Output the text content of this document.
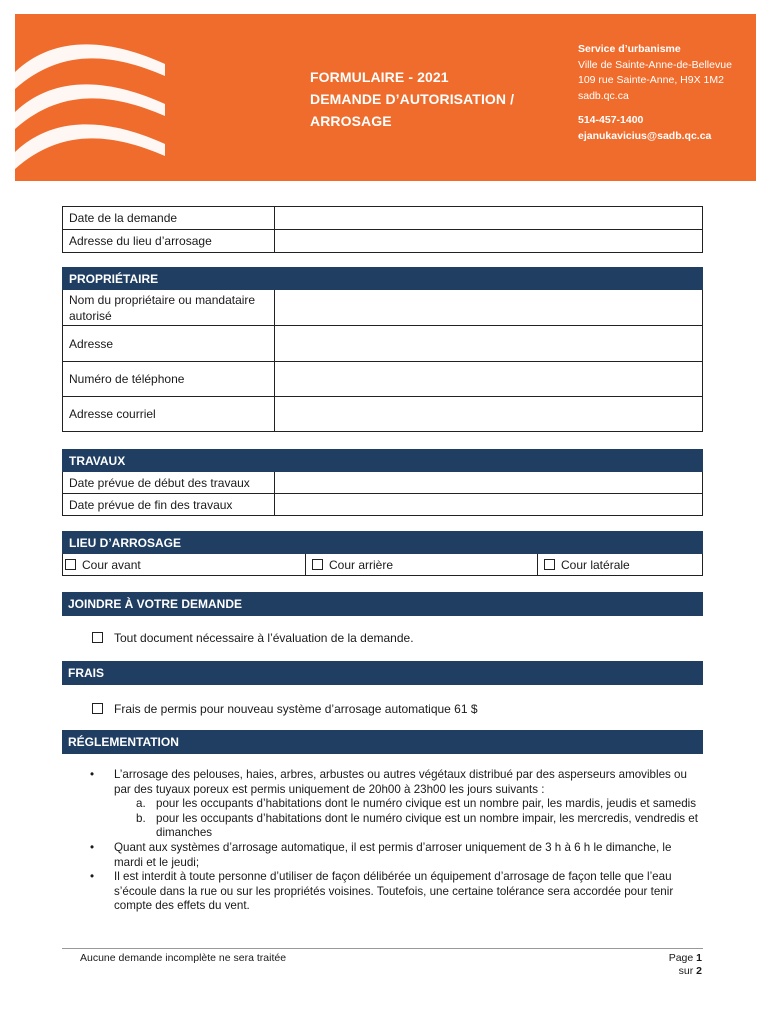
FORMULAIRE - 2021
DEMANDE D’AUTORISATION /
ARROSAGE
Service d’urbanisme
Ville de Sainte-Anne-de-Bellevue
109 rue Sainte-Anne, H9X 1M2
sadb.qc.ca
514-457-1400
ejanukavicius@sadb.qc.ca
Date de la demande	
Adresse du lieu d’arrosage	
PROPRIÉTAIRE	
Nom du propriétaire ou mandataire autorisé	
Adresse	
Numéro de téléphone	
Adresse courriel	
TRAVAUX	
Date prévue de début des travaux	
Date prévue de fin des travaux	
LIEU D’ARROSAGE
Cour avant	Cour arrière	Cour latérale
JOINDRE À VOTRE DEMANDE
Tout document nécessaire à l’évaluation de la demande.
FRAIS
Frais de permis pour nouveau système d’arrosage automatique 61 $
RÉGLEMENTATION
• L’arrosage des pelouses, haies, arbres, arbustes ou autres végétaux distribué par des asperseurs amovibles ou par des tuyaux poreux est permis uniquement de 20h00 à 23h00 les jours suivants :
a. pour les occupants d’habitations dont le numéro civique est un nombre pair, les mardis, jeudis et samedis
b. pour les occupants d’habitations dont le numéro civique est un nombre impair, les mercredis, vendredis et dimanches
• Quant aux systèmes d’arrosage automatique, il est permis d’arroser uniquement de 3 h à 6 h le dimanche, le mardi et le jeudi;
• Il est interdit à toute personne d’utiliser de façon délibérée un équipement d’arrosage de façon telle que l’eau s’écoule dans la rue ou sur les propriétés voisines. Toutefois, une certaine tolérance sera accordée pour tenir compte des effets du vent.
Aucune demande incomplète ne sera traitée	Page 1
sur 2
